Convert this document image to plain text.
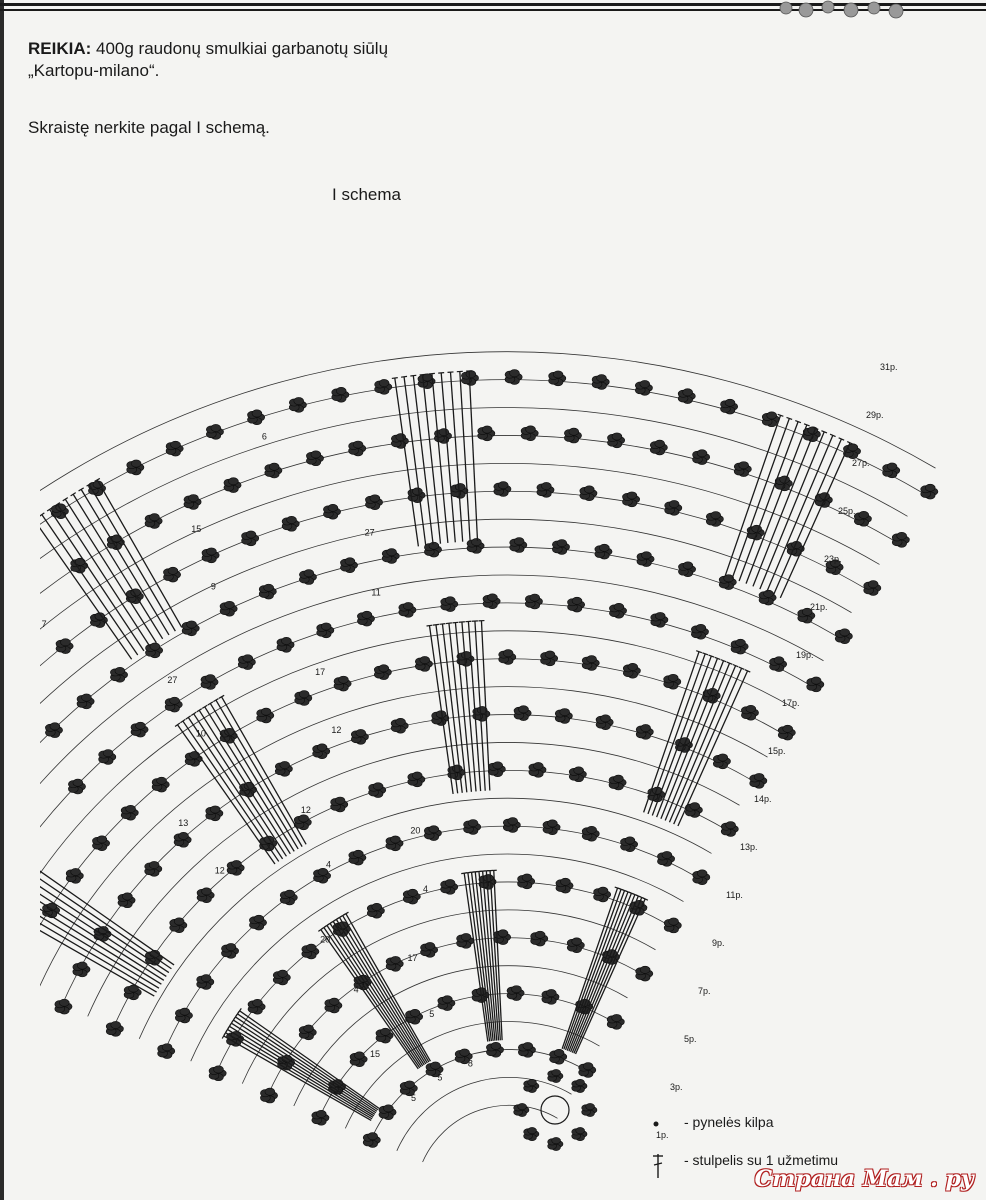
REIKIA: 400g raudonų smulkiai garbanotų siūlų
„Kartopu-milano“.
Skraistę nerkite pagal I schemą.
I schema
31p.
29p.
27p.
25p.
23p.
21p.
19p.
17p.
15p.
14p.
13p.
11p.
9p.
7p.
5p.
3p.
1p.
5
5
4
4
4
12
12
10
11
9
7
6
5
15
17
20
20
12
13
17
27
27
15
8
- pynelės kilpa
- stulpelis su 1 užmetimu
Страна Мам . ру
